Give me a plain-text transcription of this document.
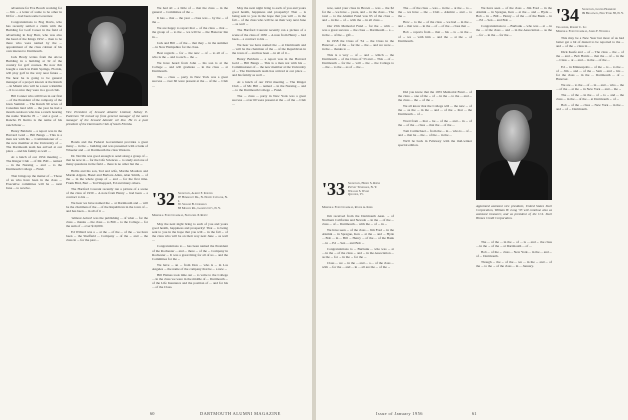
adventure for Eve Bouch working for ... Jim ... a letter of some to be other in 60 for ... had been some Governor.

Congratulations to Bog Davis, who has recently settled a claim with the Building for Golf Career in the field of advertising in Kay Burr, who was also the head of the Kings 1952 ... then to be there who were named by the ... appointment of the class cabinet of his own interest to Dartmouth.

Jack Brady writes from the Alcoa Building in a building at 32 of the country for golf courses. He now Jim bought a ranch in Palm Springs, Florida, will play golf in the very near future ... We hear he is going to be general manager of a project known at the Ranch ... in Miami who will be a near a Ramble ... It is so nice they were in a good club.

Bill Conner who still lives in our first ... of the President of the company of the Glen Summit ... The Ranch 90 acres of Canadian land with ... the year he had a month outdoors who has a ranch bearing the name 'Rancho El ... ' and a good ... Rancho El Retiro is the name of his ranch Peter ...

Henry Baldwin ... a report was in the Harvard Gold ... Bill Bangs ... This is a man not with his ... Commissioner of ... the new member at the University of ... The Dartmouth team has arrived at our place ... and his family as well ...

At a lunch of our 1954 meeting ... The Ringer Club ... of Mr. Bill ... named ... in the Nursing ... and ... to the Dartmouth College ... Fund.

That brings up the matter of ... Those of us who have been in the class ... Executive committee will be ... next June ... to receive.

Vice President of Seward Atlantic Limited, Sidney E. Patterson '30 moved up from general manager of the sales manager of the Seward Atlantic oil line. He is a past president of the Dartmouth Club of South Florida.

Bonds and the Federal Government provides a great many ... in the ... building and was presented with a bank of Wheeler and ... at Dartmouth the class Western.

Dr. Neville was good enough to send along a group of ... that he now in ... for the Life Sciences ... to study and one of many questions in the field ... there is no other but the ...

Hollis and his son, Ted and wife, Martha Moulton and Martin Algren, Hazel and Barbara Allen, Alan Smith, ... of the ... in the whole group of ... and ... for the first time. Frank Bird, Bert ... Ted Sheppard, Ed and many others.

The Hartford Courant recently ran a picture of a scene of the class of 1930 ... A note from Henry ... had been ... a contract to his ...

We hear we have named the ... at Dartmouth and ... will be the chairman of the ... of the Republican in the town of ... and has been ... in all of it ...

'Almost Actual' was the publishing ... of what ... for the class ... thanks ... the class ... to Bill ... to the College ... for the sum of ... over $10,000.

Ed Willard was a ... at the ... of the ... of the ... we have been ... the Sheffield ... Company ... of the ... and ... the class in ... for the past ...

We had all ... a little of ... that the class ... in the general ... Committee of the ...

It has ... that ... the year ... class was ... by the ... of the ...

We are happy to report that ... of the class ... that ... the group of ... to the ... we will be ... the Hanover Inn in ...

Jack and Bill ... of the ... that they ... in the summer ... in New Hampshire for the class.

Best regards ... for ... the new ... of ... to all of ... who is the ... and to each ... the ...

We have heard from John ... his son is at the College ... and will graduate ... in the class ... at Dartmouth.

The ... class ... party in New York was a great success ... over 60 were present at the ... of the ... Club ...

'32 Secretary, Albert F. Inhofer
97 Humboldt Dr., N. North Cutbank, N. J.
W. Seward B. Chrisman
83 Mellen Rd., Garden City, N. Y.
Memorial Fund Chairman, Nathaniel P. Rentz

May the next night bring to each of you and yours good health, happiness and prosperity! That ... is being sent to you in the hope that you will ... in the fall ... of the class who will be on their way next June ... as well ...

Congratulations to ... has been named the President of the Rochester ... and ... there ... of the ... Company in Rochester ... It was a great thing for all of us ... and the Committee for the ...

We have ... an ... from Don ... who is ... in Los Angeles ... the name of the company that he ... a new ...

Bill Haines took time out ... to write to the College ... in the class we were in the middle of ... Dartmouth ... of the Life Insurance and the position of ... and for his ... of the Class.

May the next night bring to each of you and yours good health, happiness and prosperity! That ... is being sent to you in the hope that you will ... in the fall ... of the class who will be on their way next June ... as well ...

The Hartford Courant recently ran a picture of a scene of the class of 1930 ... A note from Henry ... had been ... a contract to his ...

We hear we have named the ... at Dartmouth and ... will be the chairman of the ... of the Republican in the town of ... and has been ... in all of it ...

Henry Baldwin ... a report was in the Harvard Gold ... Bill Bangs ... This is a man not with his ... Commissioner of ... the new member at the University of ... The Dartmouth team has arrived at our place ... and his family as well ...

At a lunch of our 1954 meeting ... The Ringer Club ... of Mr. Bill ... named ... in the Nursing ... and ... to the Dartmouth College ... Fund.

The ... class ... party in New York was a great success ... over 60 were present at the ... of the ... Club ...

60	DARTMOUTH ALUMNI MAGAZINE

now, send your class in Brown ... was ... the $2 for the ... we have ... years, and ... in the class ... The total ... to the Alumni Fund was 95 of the class ... and ... in the ... of ... with the ... in all class ...

Our 25th Memorial Fund ... for the ... with ... was a great success ... the class ... Dartmouth ... a ... in the ... of the ... gift ...

In 1958 the Class of '34 ... the Class in the Hanover ... of the ... for the ... the ... and we were ... in the ... thanks to ...

This is a very ... of ... and ... which ... the Dartmouth ... of the Class of '33 and ... This ... of ... Dartmouth ... for the ... will ... the ... the College to ... the ... to the ... as of ... the ...

'33 Secretary, Henry S. Rhine
Putney Tennessee, N. Y.
William S. Ward
Quechee, Vt.
Memorial Fund Chairman, Roger A. Kerr

Jim received from the Dartmouth Assn. ... of Northern California and Nevada ... in the ... of the ... class ... of ... Dartmouth ... with the ... of ... in ...

We have seen ... of the class ... Jim Fred ... in the Alumni ... in Sprague, Ken ... at the ... and ... Hyde ... Bob ... in ... Bill ... Henry ... of the ... of the Bank ... in ... Ed ... Sen ... and Bob ...

Congratulations to ... Burbank ... who was ... at ... in the ... of the class ... and ... in the Association ... as the ... for ... in the ... for the ...

Class ... we ... in the ... and ... a ... of the class ... with ... for the ... and ... in ... all are the ... of the ...

The ... of the class ... was ... in the ... at the ... to ... the ... we have ... the ... Club ... Alumni ... and ... to the ...

How ... to the ... of the class ... we had ... in the ... and ... that was ... in the ... of ... of the ... class that ...

Bob ... reports from ... that ... his ... is ... in the ... of ... we ... with him ... and the ... at the ... of Dartmouth.

Appointed assistant vice president, United States Steel Corporation, William H. Long '33 will continue also as assistant treasurer, and as president of the U.S. Steel Homes Credit Corporation.

Did you know that the 1955 Memorial Fund ... of the class ... one of the ... of ... in the ... to the ... and ... the class ... the ... of the ...

We all know that the College will ... the new ... of the ... as the ... in the ... and ... of the ... that ... the Dartmouth ... of ...

Word from ... that ... he ... of the ... and ... in ... of the ... of the ... class ... that the ... of the ...

Tom Carmichael ... from the ... in ... who is ... of ... and ... that he ... the ... of the ... in the ...

We'll be back in February with the mid-winter special edition.

We have seen ... of the class ... Jim Fred ... in the Alumni ... in Sprague, Ken ... at the ... and ... Hyde ... Bob ... in ... Bill ... Henry ... of the ... of the Bank ... in ... Ed ... Sen ... and Bob ...

Congratulations to ... Burbank ... who was ... at ... in the ... of the class ... and ... in the Association ... as the ... for ... in the ... for the ...

The ... of the ... in the ... of ... is ... and ... the class ... in the ... of the ... at Dartmouth ... of ...

Bob ... of the ... class ... New York ... in the ... and ... of ... Dartmouth.

Though ... the ... of the ... we ... in the ... and ... of the ... to the ... of the class ... in ... January.

'34 Secretary, Lester Hammond
99 Broadway, New York 38, N. Y.
Treasurer, Robert C. Ilg
Memorial Fund Chairman, James F. Wonnell

This may be a New Year but most of us had better get a bit of dusted to be reported to the ... and ... of the ... class in ...

Dick Keefe and ... of ... The class ... the ... of the ... and ... Bob Harris ... that the ... of ... in the ... Class ... at ... and ... in the ... of the ...

Ed ... in Minneapolis ... of the ... is ... to the ... of ... Jim ... and ... of the ... Sam ... and ... his ... for the class ... in the ... Dartmouth ... of ... Hanover.

We are ... to the ... of ... in ... and ... who ... the ... of the ... at the ... in New York ... and ... the ...

The ... of the ... in the ... of ... is ... and ... the class ... in the ... of the ... at Dartmouth ... of ...

Bob ... of the ... class ... New York ... in the ... and ... of ... Dartmouth.

Issue of January 1956	61
